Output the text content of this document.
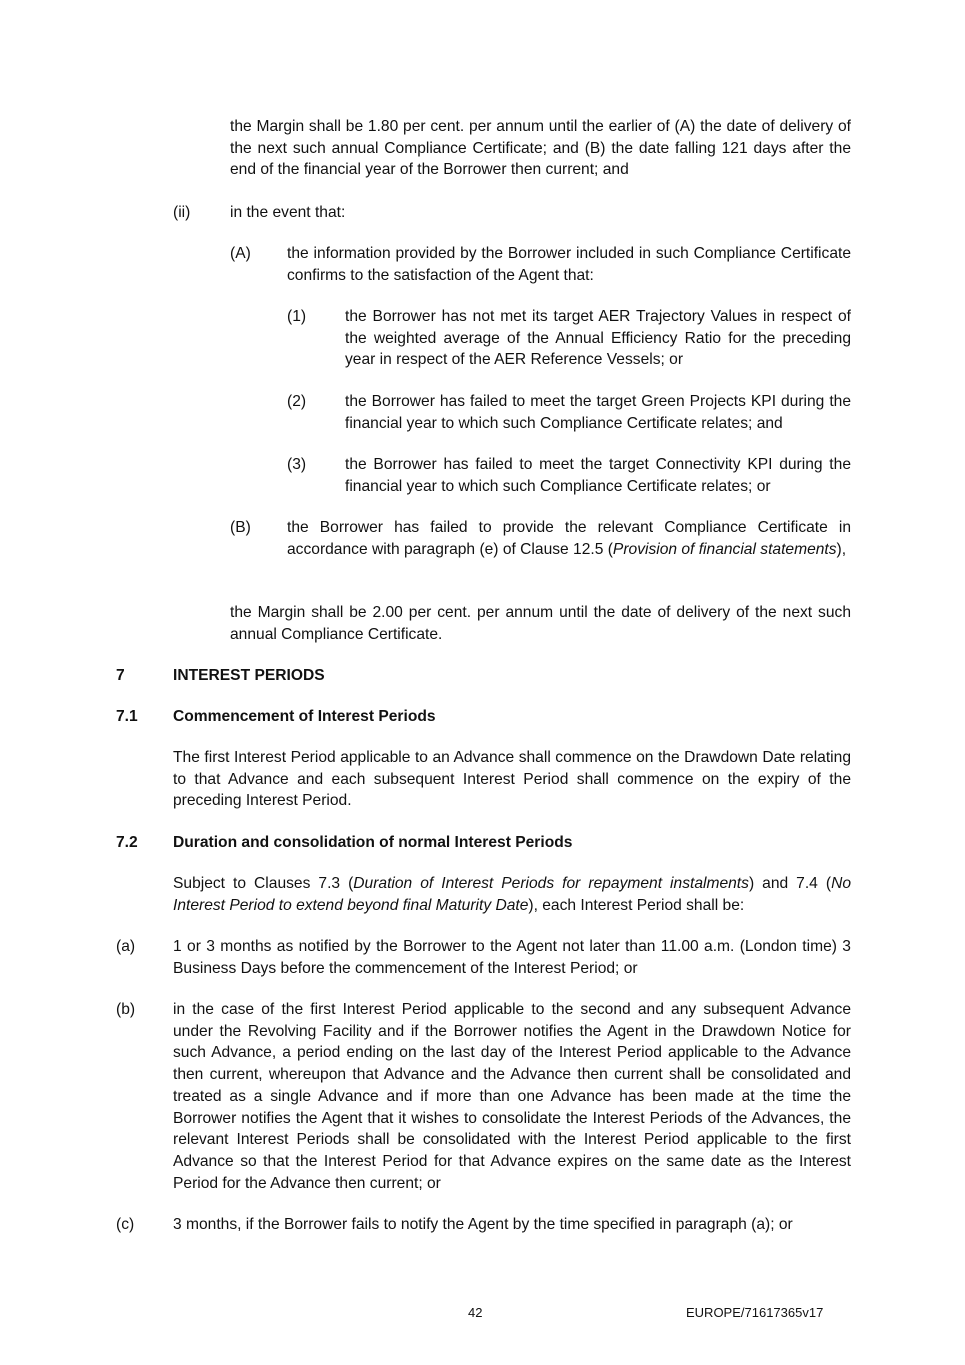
the Margin shall be 1.80 per cent. per annum until the earlier of (A) the date of delivery of the next such annual Compliance Certificate; and (B) the date falling 121 days after the end of the financial year of the Borrower then current; and

(ii)	in the event that:

(A) the information provided by the Borrower included in such Compliance Certificate confirms to the satisfaction of the Agent that:

(1) the Borrower has not met its target AER Trajectory Values in respect of the weighted average of the Annual Efficiency Ratio for the preceding year in respect of the AER Reference Vessels; or

(2) the Borrower has failed to meet the target Green Projects KPI during the financial year to which such Compliance Certificate relates; and

(3) the Borrower has failed to meet the target Connectivity KPI during the financial year to which such Compliance Certificate relates; or

(B) the Borrower has failed to provide the relevant Compliance Certificate in accordance with paragraph (e) of Clause 12.5 (Provision of financial statements),

the Margin shall be 2.00 per cent. per annum until the date of delivery of the next such annual Compliance Certificate.

7	INTEREST PERIODS
7.1 Commencement of Interest Periods

The first Interest Period applicable to an Advance shall commence on the Drawdown Date relating to that Advance and each subsequent Interest Period shall commence on the expiry of the preceding Interest Period.

7.2 Duration and consolidation of normal Interest Periods

Subject to Clauses 7.3 (Duration of Interest Periods for repayment instalments) and 7.4 (No Interest Period to extend beyond final Maturity Date), each Interest Period shall be:

(a) 1 or 3 months as notified by the Borrower to the Agent not later than 11.00 a.m. (London time) 3 Business Days before the commencement of the Interest Period; or

(b) in the case of the first Interest Period applicable to the second and any subsequent Advance under the Revolving Facility and if the Borrower notifies the Agent in the Drawdown Notice for such Advance, a period ending on the last day of the Interest Period applicable to the Advance then current, whereupon that Advance and the Advance then current shall be consolidated and treated as a single Advance and if more than one Advance has been made at the time the Borrower notifies the Agent that it wishes to consolidate the Interest Periods of the Advances, the relevant Interest Periods shall be consolidated with the Interest Period applicable to the first Advance so that the Interest Period for that Advance expires on the same date as the Interest Period for the Advance then current; or

(c) 3 months, if the Borrower fails to notify the Agent by the time specified in paragraph (a); or

42	EUROPE/71617365v17
